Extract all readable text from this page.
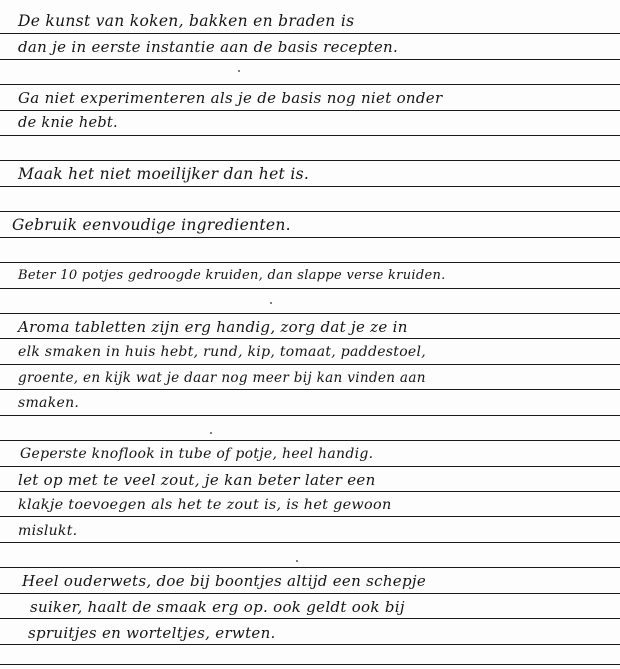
De kunst van koken, bakken en braden is
dan je in eerste instantie aan de basis recepten.
Ga niet experimenteren als je de basis nog niet onder
de knie hebt.
Maak het niet moeilijker dan het is.
Gebruik eenvoudige ingredienten.
Beter 10 potjes gedroogde kruiden, dan slappe verse kruiden.
Aroma tabletten zijn erg handig, zorg dat je ze in
elk smaken in huis hebt, rund, kip, tomaat, paddestoel,
groente, en kijk wat je daar nog meer bij kan vinden aan
smaken.
Geperste knoflook in tube of potje, heel handig.
let op met te veel zout, je kan beter later een
klakje toevoegen als het te zout is, is het gewoon
mislukt.
Heel ouderwets, doe bij boontjes altijd een schepje
suiker, haalt de smaak erg op. ook geldt ook bij
spruitjes en worteltjes, erwten.
